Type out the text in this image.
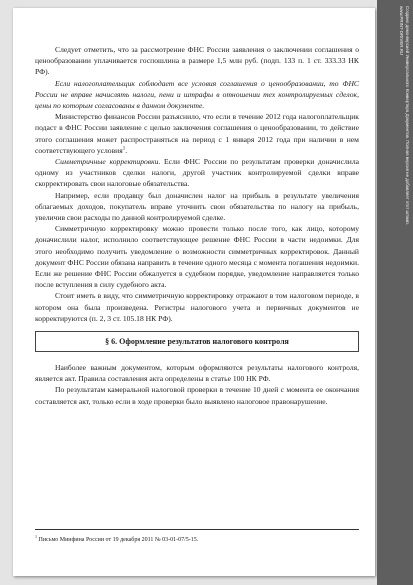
Следует отметить, что за рассмотрение ФНС России заявления о заключении соглашения о ценообразовании уплачивается госпошлина в размере 1,5 млн руб. (подп. 133 п. 1 ст. 333.33 НК РФ).

Если налогоплательщик соблюдает все условия соглашения о ценообразовании, то ФНС России не вправе начислять налоги, пени и штрафы в отношении тех контролируемых сделок, цены по которым согласованы в данном документе.

Министерство финансов России разъяснило, что если в течение 2012 года налогоплательщик подаст в ФНС России заявление с целью заключения соглашения о ценообразовании, то действие этого соглашения может распространяться на период с 1 января 2012 года при наличии в нем соответствующего условия$^1$.

Симметричные корректировки. Если ФНС России по результатам проверки доначислила одному из участников сделки налоги, другой участник контролируемой сделки вправе скорректировать свои налоговые обязательства.

Например, если продавцу был доначислен налог на прибыль в результате увеличения облагаемых доходов, покупатель вправе уточнить свои обязательства по налогу на прибыль, увеличив свои расходы по данной контролируемой сделке.

Симметричную корректировку можно провести только после того, как лицо, которому доначислили налог, исполнило соответствующее решение ФНС России в части недоимки. Для этого необходимо получить уведомление о возможности симметричных корректировок. Данный документ ФНС России обязана направить в течение одного месяца с момента погашения недоимки. Если же решение ФНС России обжалуется в судебном порядке, уведомление направляется только после вступления в силу судебного акта.

Стоит иметь в виду, что симметричную корректировку отражают в том налоговом периоде, в котором она была произведена. Регистры налогового учета и первичных документов не корректируются (п. 2, 3 ст. 105.18 НК РФ).

§ 6. Оформление результатов налогового контроля

Наиболее важным документом, которым оформляются результаты налогового контроля, является акт. Правила составления акта определены в статье 100 НК РФ.

По результатам камеральной налоговой проверки в течение 10 дней с момента ее окончания составляется акт, только если в ходе проверки было выявлено налоговое правонарушение.

$^1$ Письмо Минфина России от 19 декабря 2011 № 03-01-07/5-15.
Создано демо-версией Универсального Конвертера Документов. Полная версия не добавляет этот штамп.
www.PRINT-DRIVER.RU
